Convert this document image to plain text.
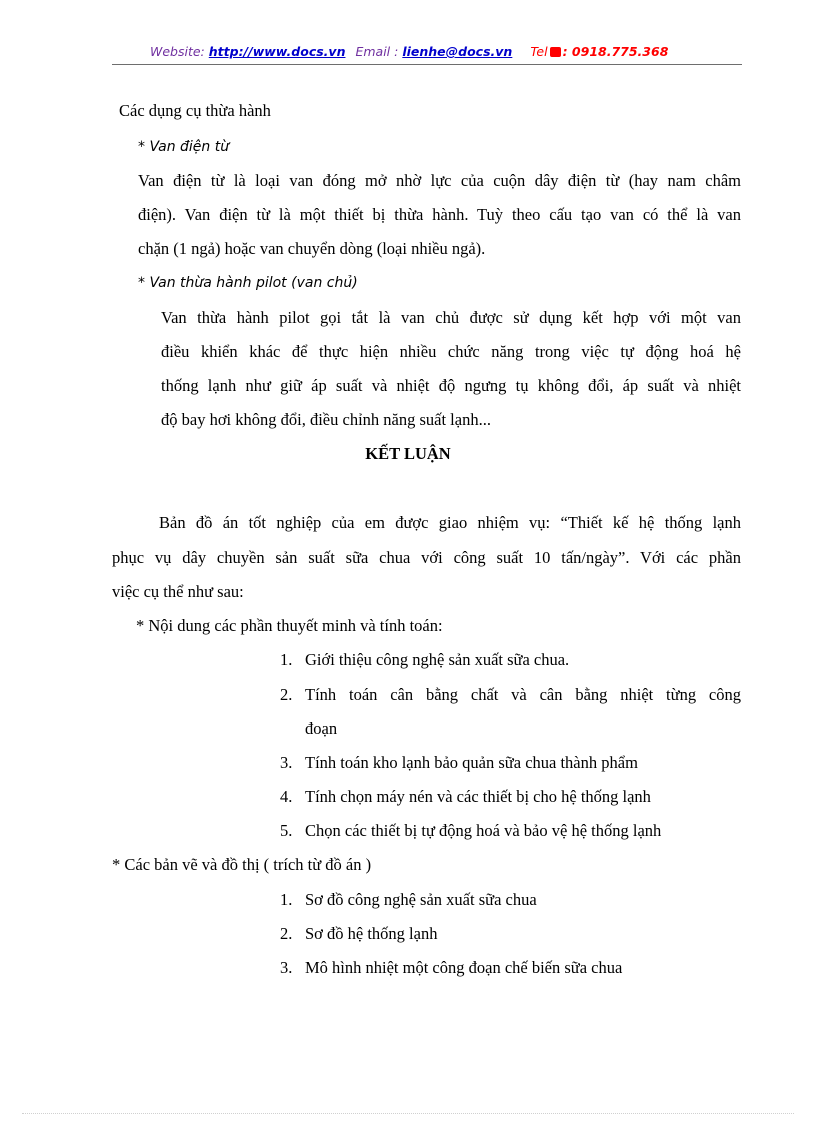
Website: http://www.docs.vn Email : lienhe@docs.vn Tel : 0918.775.368
Các dụng cụ thừa hành
* Van điện từ
Van điện từ là loại van đóng mở nhờ lực của cuộn dây điện từ (hay nam châm
điện). Van điện từ là một thiết bị thừa hành. Tuỳ theo cấu tạo van có thể là van
chặn (1 ngả) hoặc van chuyển dòng (loại nhiều ngả).
* Van thừa hành pilot (van chủ)
Van thừa hành pilot gọi tắt là van chủ được sử dụng kết hợp với một van
điều khiển khác để thực hiện nhiều chức năng trong việc tự động hoá hệ
thống lạnh như giữ áp suất và nhiệt độ ngưng tụ không đổi, áp suất và nhiệt
độ bay hơi không đổi, điều chỉnh năng suất lạnh...
KẾT LUẬN
Bản đồ án tốt nghiệp của em được giao nhiệm vụ: “Thiết kế hệ thống lạnh
phục vụ dây chuyền sản suất sữa chua với công suất 10 tấn/ngày”. Với các phần
việc cụ thể như sau:
* Nội dung các phần thuyết minh và tính toán:
1. Giới thiệu công nghệ sản xuất sữa chua.
2. Tính toán cân bằng chất và cân bằng nhiệt từng công
đoạn
3. Tính toán kho lạnh bảo quản sữa chua thành phẩm
4. Tính chọn máy nén và các thiết bị cho hệ thống lạnh
5. Chọn các thiết bị tự động hoá và bảo vệ hệ thống lạnh
* Các bản vẽ và đồ thị ( trích từ đồ án )
1. Sơ đồ công nghệ sản xuất sữa chua
2. Sơ đồ hệ thống lạnh
3. Mô hình nhiệt một công đoạn chế biến sữa chua
